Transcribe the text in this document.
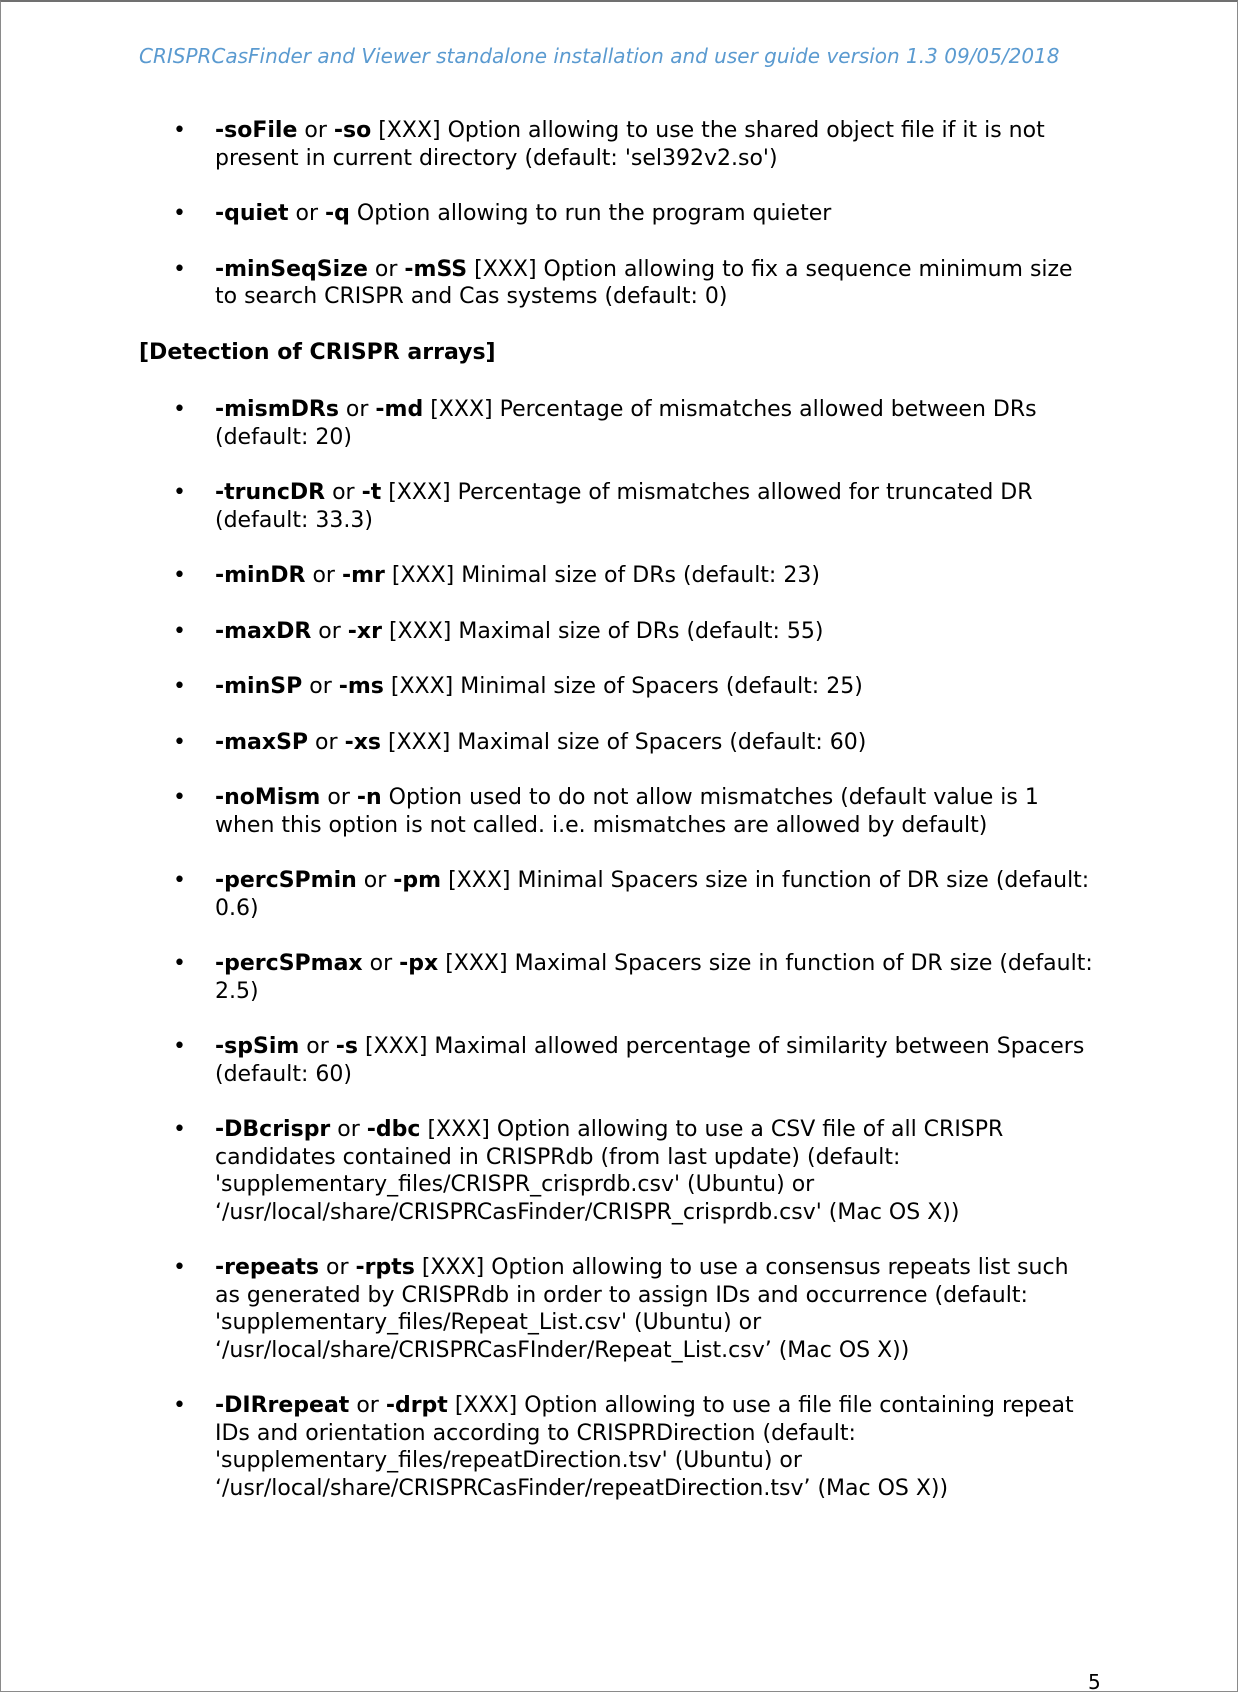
CRISPRCasFinder and Viewer standalone installation and user guide version 1.3 09/05/2018
• -soFile or -so [XXX] Option allowing to use the shared object file if it is not present in current directory (default: 'sel392v2.so')
• -quiet or -q Option allowing to run the program quieter
• -minSeqSize or -mSS [XXX] Option allowing to fix a sequence minimum size to search CRISPR and Cas systems (default: 0)
[Detection of CRISPR arrays]
• -mismDRs or -md [XXX] Percentage of mismatches allowed between DRs (default: 20)
• -truncDR or -t [XXX] Percentage of mismatches allowed for truncated DR (default: 33.3)
• -minDR or -mr [XXX] Minimal size of DRs (default: 23)
• -maxDR or -xr [XXX] Maximal size of DRs (default: 55)
• -minSP or -ms [XXX] Minimal size of Spacers (default: 25)
• -maxSP or -xs [XXX] Maximal size of Spacers (default: 60)
• -noMism or -n Option used to do not allow mismatches (default value is 1 when this option is not called. i.e. mismatches are allowed by default)
• -percSPmin or -pm [XXX] Minimal Spacers size in function of DR size (default: 0.6)
• -percSPmax or -px [XXX] Maximal Spacers size in function of DR size (default: 2.5)
• -spSim or -s [XXX] Maximal allowed percentage of similarity between Spacers (default: 60)
• -DBcrispr or -dbc [XXX] Option allowing to use a CSV file of all CRISPR candidates contained in CRISPRdb (from last update) (default: 'supplementary_files/CRISPR_crisprdb.csv' (Ubuntu) or ‘/usr/local/share/CRISPRCasFinder/CRISPR_crisprdb.csv' (Mac OS X))
• -repeats or -rpts [XXX] Option allowing to use a consensus repeats list such as generated by CRISPRdb in order to assign IDs and occurrence (default: 'supplementary_files/Repeat_List.csv' (Ubuntu) or ‘/usr/local/share/CRISPRCasFInder/Repeat_List.csv’ (Mac OS X))
• -DIRrepeat or -drpt [XXX] Option allowing to use a file file containing repeat IDs and orientation according to CRISPRDirection (default: 'supplementary_files/repeatDirection.tsv' (Ubuntu) or ‘/usr/local/share/CRISPRCasFinder/repeatDirection.tsv’ (Mac OS X))
5
